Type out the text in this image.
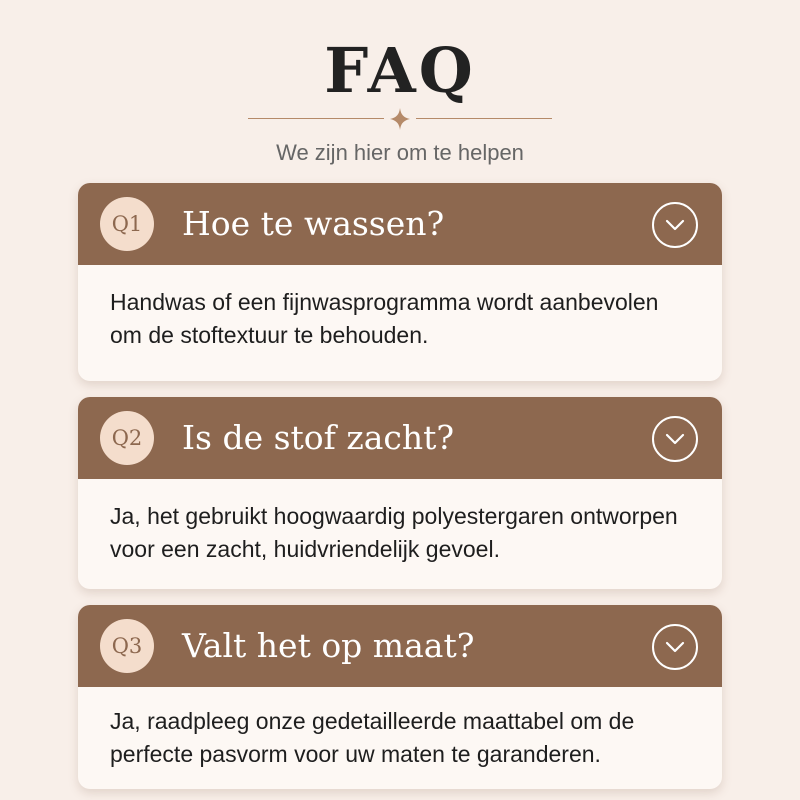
FAQ

We zijn hier om te helpen

Q1	Hoe te wassen?
Handwas of een fijnwasprogramma wordt aanbevolen om de stoftextuur te behouden.
Q2	Is de stof zacht?
Ja, het gebruikt hoogwaardig polyestergaren ontworpen voor een zacht, huidvriendelijk gevoel.
Q3	Valt het op maat?
Ja, raadpleeg onze gedetailleerde maattabel om de perfecte pasvorm voor uw maten te garanderen.
